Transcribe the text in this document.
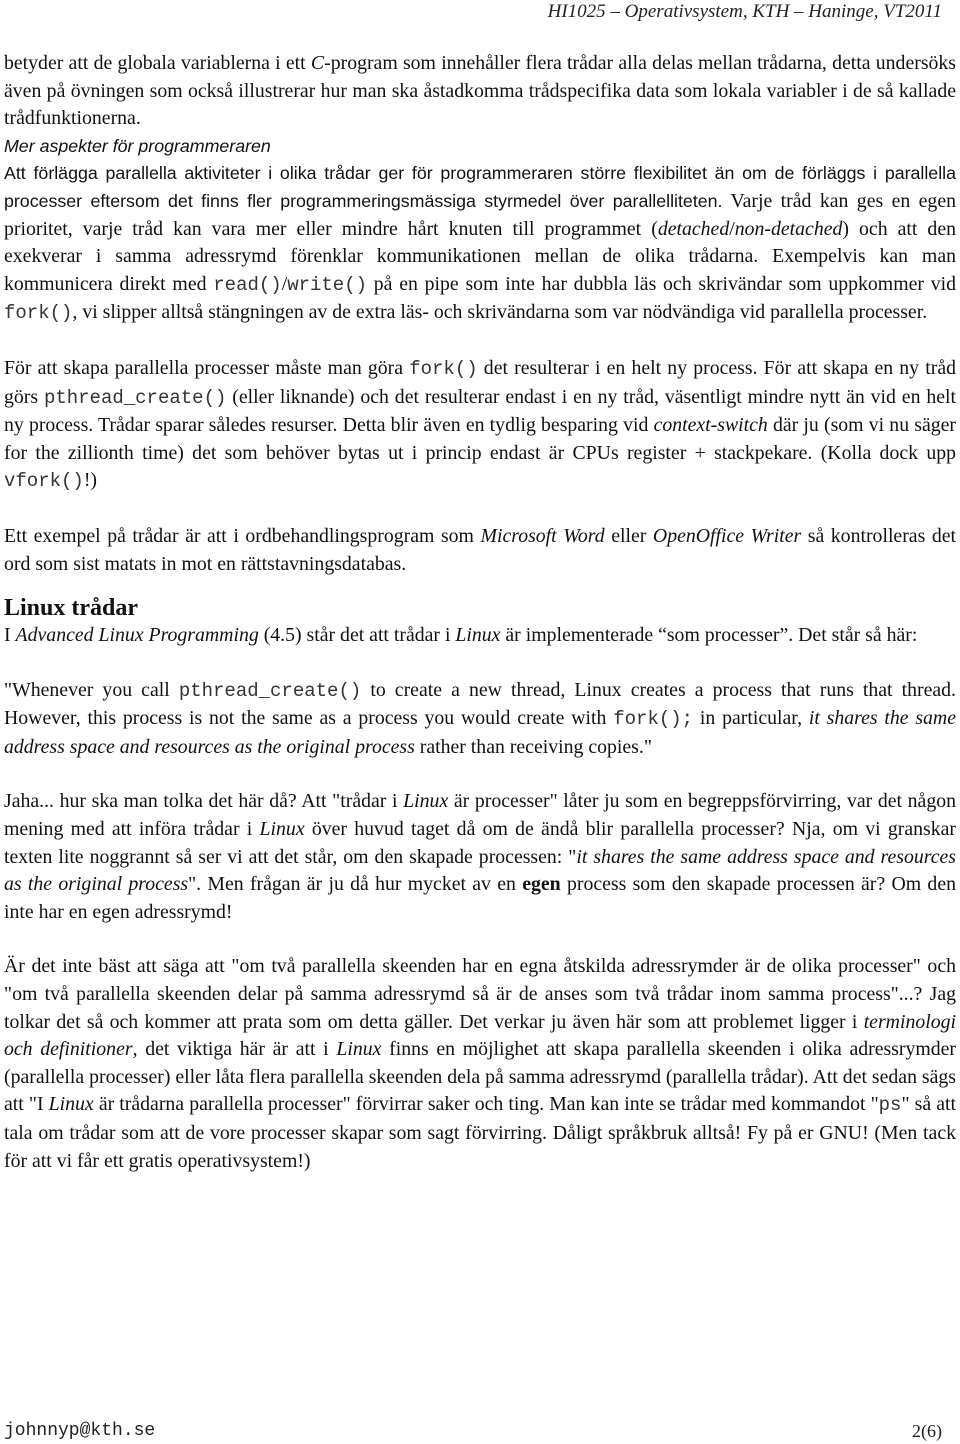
HI1025 – Operativsystem, KTH – Haninge, VT2011

betyder att de globala variablerna i ett C-program som innehåller flera trådar alla delas mellan trådarna, detta undersöks även på övningen som också illustrerar hur man ska åstadkomma trådspecifika data som lokala variabler i de så kallade trådfunktionerna.

Mer aspekter för programmeraren
Att förlägga parallella aktiviteter i olika trådar ger för programmeraren större flexibilitet än om de förläggs i parallella processer eftersom det finns fler programmeringsmässiga styrmedel över parallelliteten. Varje tråd kan ges en egen prioritet, varje tråd kan vara mer eller mindre hårt knuten till programmet (detached/non-detached) och att den exekverar i samma adressrymd förenklar kommunikationen mellan de olika trådarna. Exempelvis kan man kommunicera direkt med read()/write() på en pipe som inte har dubbla läs och skrivändar som uppkommer vid fork(), vi slipper alltså stängningen av de extra läs- och skrivändarna som var nödvändiga vid parallella processer.

För att skapa parallella processer måste man göra fork() det resulterar i en helt ny process. För att skapa en ny tråd görs pthread_create() (eller liknande) och det resulterar endast i en ny tråd, väsentligt mindre nytt än vid en helt ny process. Trådar sparar således resurser. Detta blir även en tydlig besparing vid context-switch där ju (som vi nu säger for the zillionth time) det som behöver bytas ut i princip endast är CPUs register + stackpekare. (Kolla dock upp vfork()!)

Ett exempel på trådar är att i ordbehandlingsprogram som Microsoft Word eller OpenOffice Writer så kontrolleras det ord som sist matats in mot en rättstavningsdatabas.

Linux trådar

I Advanced Linux Programming (4.5) står det att trådar i Linux är implementerade “som processer”. Det står så här:

"Whenever you call pthread_create() to create a new thread, Linux creates a process that runs that thread. However, this process is not the same as a process you would create with fork(); in particular, it shares the same address space and resources as the original process rather than receiving copies."

Jaha... hur ska man tolka det här då? Att "trådar i Linux är processer" låter ju som en begreppsförvirring, var det någon mening med att införa trådar i Linux över huvud taget då om de ändå blir parallella processer? Nja, om vi granskar texten lite noggrannt så ser vi att det står, om den skapade processen: "it shares the same address space and resources as the original process". Men frågan är ju då hur mycket av en egen process som den skapade processen är? Om den inte har en egen adressrymd!

Är det inte bäst att säga att "om två parallella skeenden har en egna åtskilda adressrymder är de olika processer" och "om två parallella skeenden delar på samma adressrymd så är de anses som två trådar inom samma process"...? Jag tolkar det så och kommer att prata som om detta gäller. Det verkar ju även här som att problemet ligger i terminologi och definitioner, det viktiga här är att i Linux finns en möjlighet att skapa parallella skeenden i olika adressrymder (parallella processer) eller låta flera parallella skeenden dela på samma adressrymd (parallella trådar). Att det sedan sägs att "I Linux är trådarna parallella processer" förvirrar saker och ting. Man kan inte se trådar med kommandot "ps" så att tala om trådar som att de vore processer skapar som sagt förvirring. Dåligt språkbruk alltså! Fy på er GNU! (Men tack för att vi får ett gratis operativsystem!)

johnnyp@kth.se	2(6)
